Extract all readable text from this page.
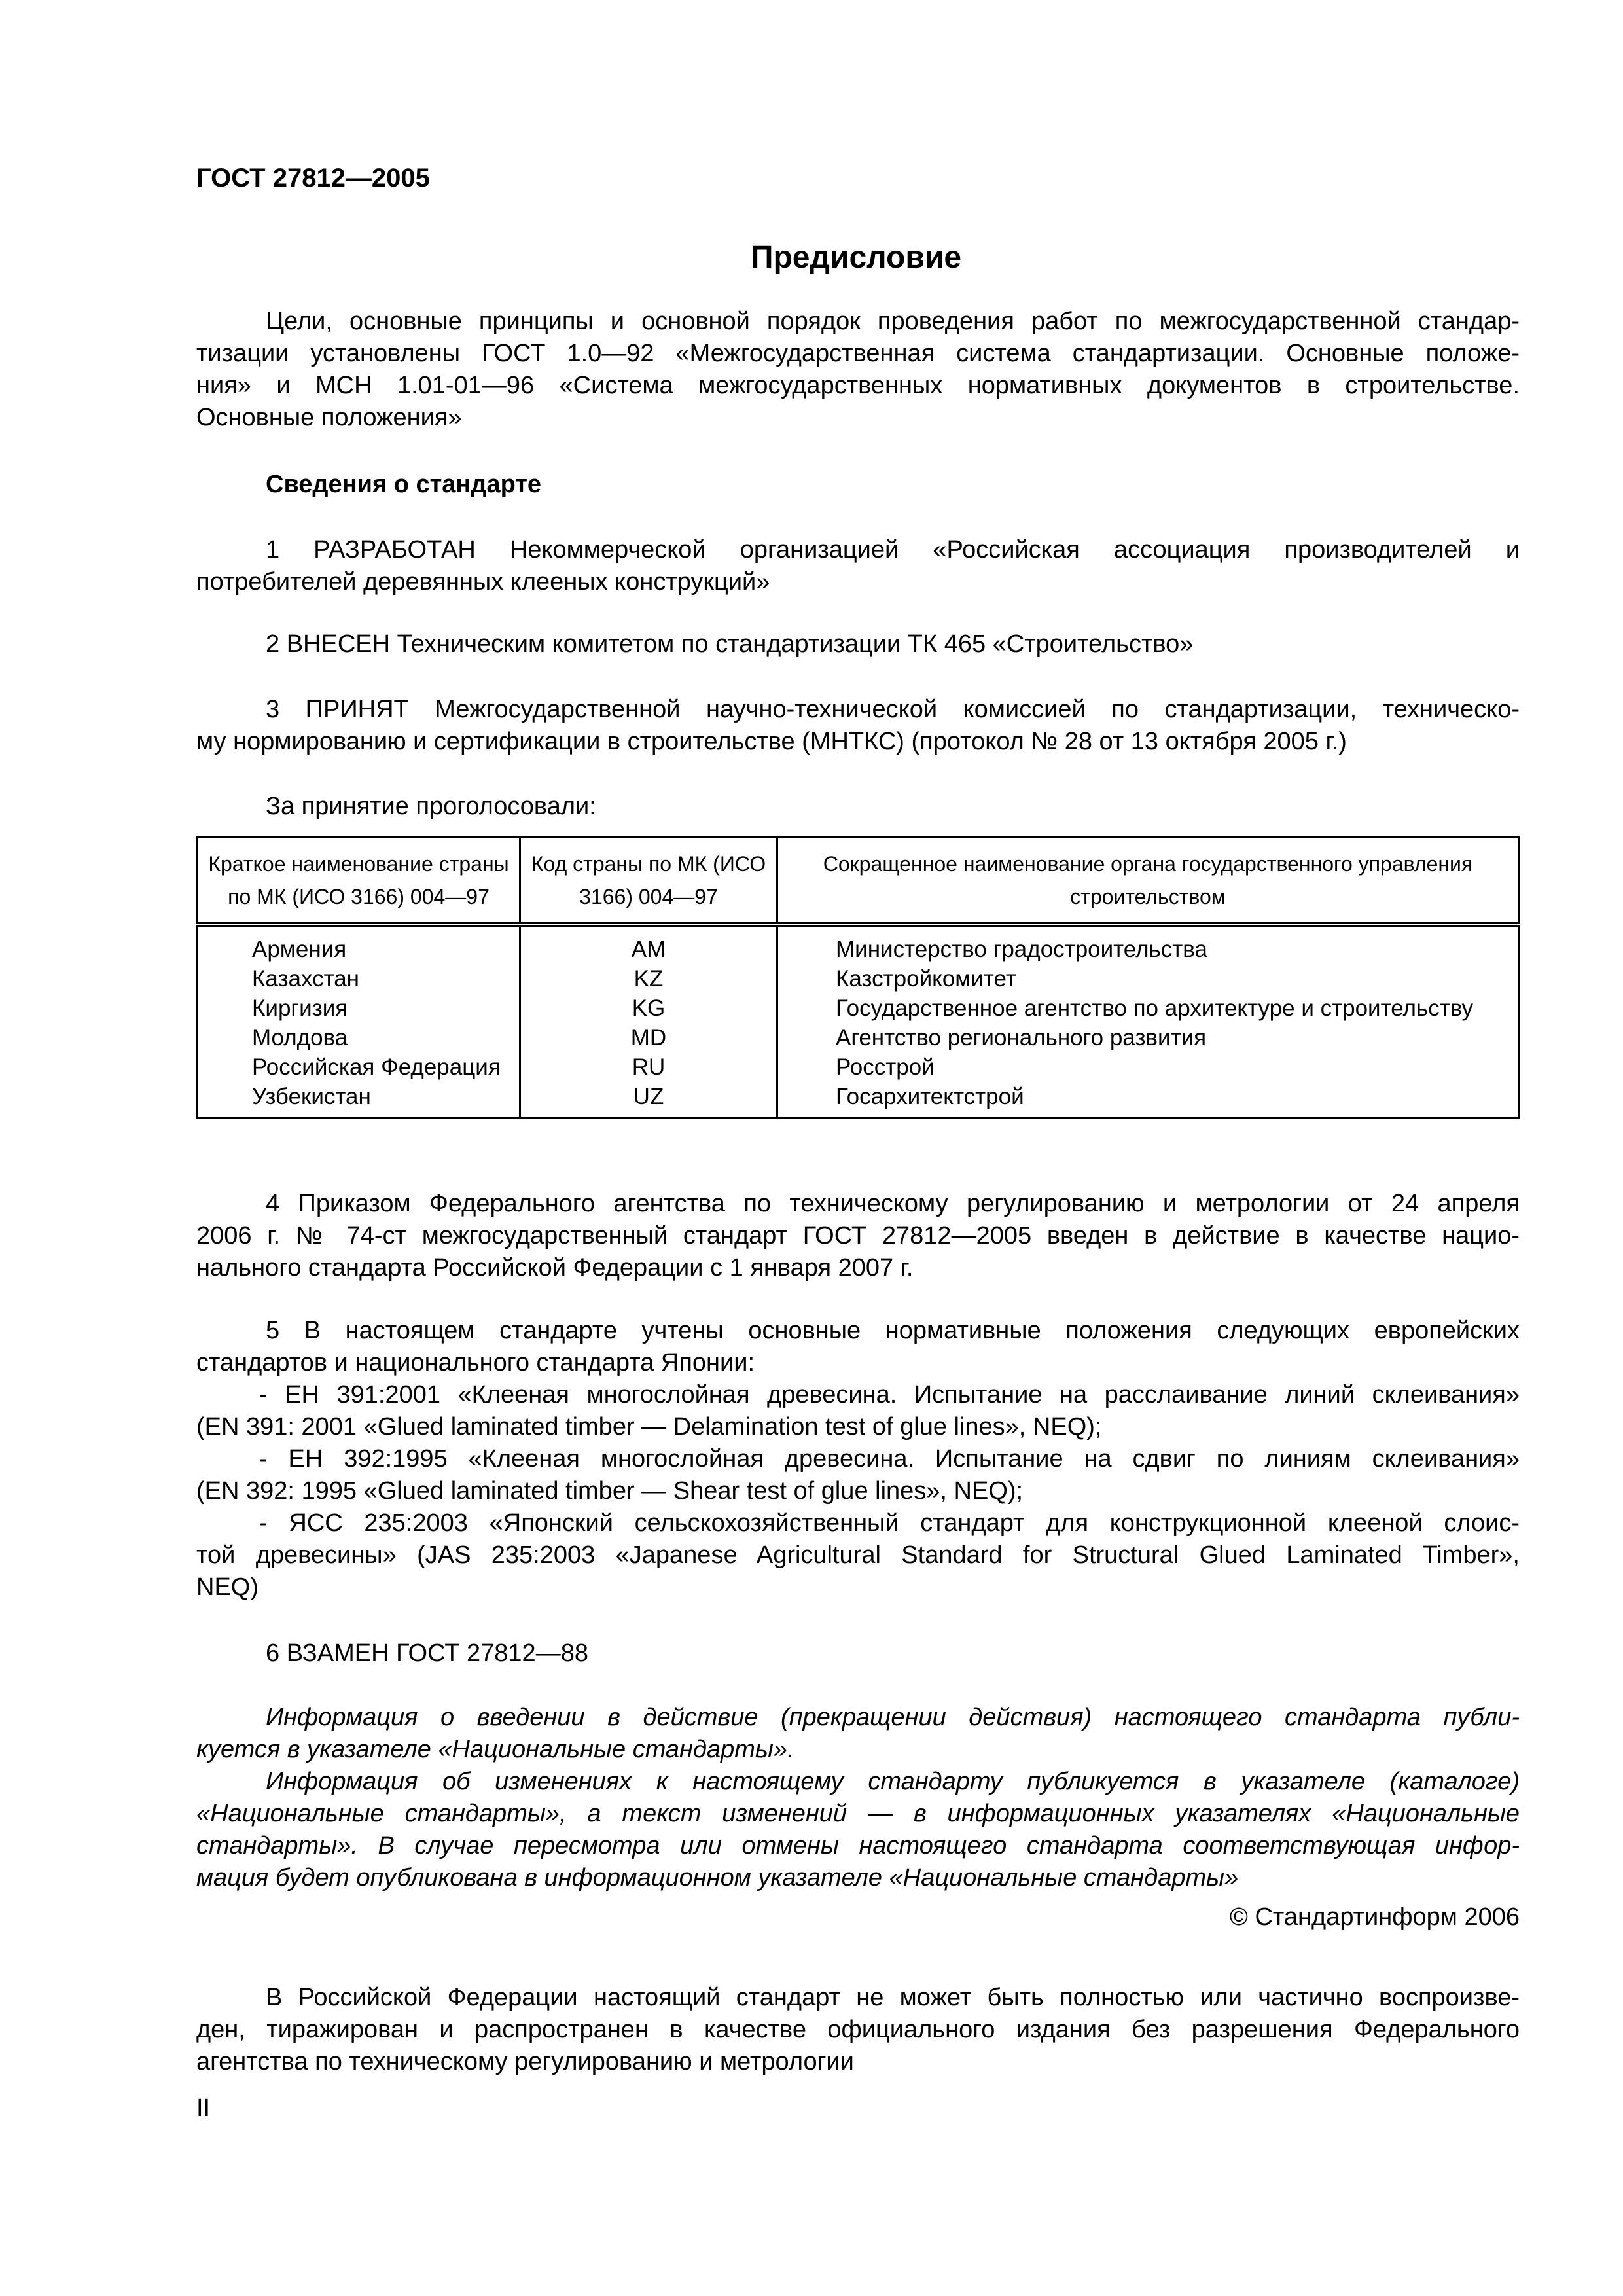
ГОСТ 27812—2005
Предисловие
Цели, основные принципы и основной порядок проведения работ по межгосударственной стандар-
тизации установлены ГОСТ 1.0—92 «Межгосударственная система стандартизации. Основные положе-
ния» и МСН 1.01-01—96 «Система межгосударственных нормативных документов в строительстве.
Основные положения»
Сведения о стандарте
1 РАЗРАБОТАН Некоммерческой организацией «Российская ассоциация производителей и
потребителей деревянных клееных конструкций»
2 ВНЕСЕН Техническим комитетом по стандартизации ТК 465 «Строительство»
3 ПРИНЯТ Межгосударственной научно-технической комиссией по стандартизации, техническо-
му нормированию и сертификации в строительстве (МНТКС) (протокол № 28 от 13 октября 2005 г.)
За принятие проголосовали:
4 Приказом Федерального агентства по техническому регулированию и метрологии от 24 апреля
2006 г. № 74-ст межгосударственный стандарт ГОСТ 27812—2005 введен в действие в качестве нацио-
нального стандарта Российской Федерации с 1 января 2007 г.
5 В настоящем стандарте учтены основные нормативные положения следующих европейских
стандартов и национального стандарта Японии:
- ЕН 391:2001 «Клееная многослойная древесина. Испытание на расслаивание линий склеивания»
(EN 391: 2001 «Glued laminated timber — Delamination test of glue lines», NEQ);
- ЕН 392:1995 «Клееная многослойная древесина. Испытание на сдвиг по линиям склеивания»
(EN 392: 1995 «Glued laminated timber — Shear test of glue lines», NEQ);
- ЯСС 235:2003 «Японский сельскохозяйственный стандарт для конструкционной клееной слоис-
той древесины» (JAS 235:2003 «Japanese Agricultural Standard for Structural Glued Laminated Timber»,
NEQ)
6 ВЗАМЕН ГОСТ 27812—88
Информация о введении в действие (прекращении действия) настоящего стандарта публи-
куется в указателе «Национальные стандарты».
Информация об изменениях к настоящему стандарту публикуется в указателе (каталоге)
«Национальные стандарты», а текст изменений — в информационных указателях «Национальные
стандарты». В случае пересмотра или отмены настоящего стандарта соответствующая инфор-
мация будет опубликована в информационном указателе «Национальные стандарты»
В Российской Федерации настоящий стандарт не может быть полностью или частично воспроизве-
ден, тиражирован и распространен в качестве официального издания без разрешения Федерального
агентства по техническому регулированию и метрологии
Краткое наименование страны по МК (ИСО 3166) 004—97	Код страны по МК (ИСО 3166) 004—97	Сокращенное наименование органа государственного управления строительством
Армения	AM	Министерство градостроительства
Казахстан	KZ	Казстройкомитет
Киргизия	KG	Государственное агентство по архитектуре и строительству
Молдова	MD	Агентство регионального развития
Российская Федерация	RU	Росстрой
Узбекистан	UZ	Госархитектстрой
© Стандартинформ 2006
II
